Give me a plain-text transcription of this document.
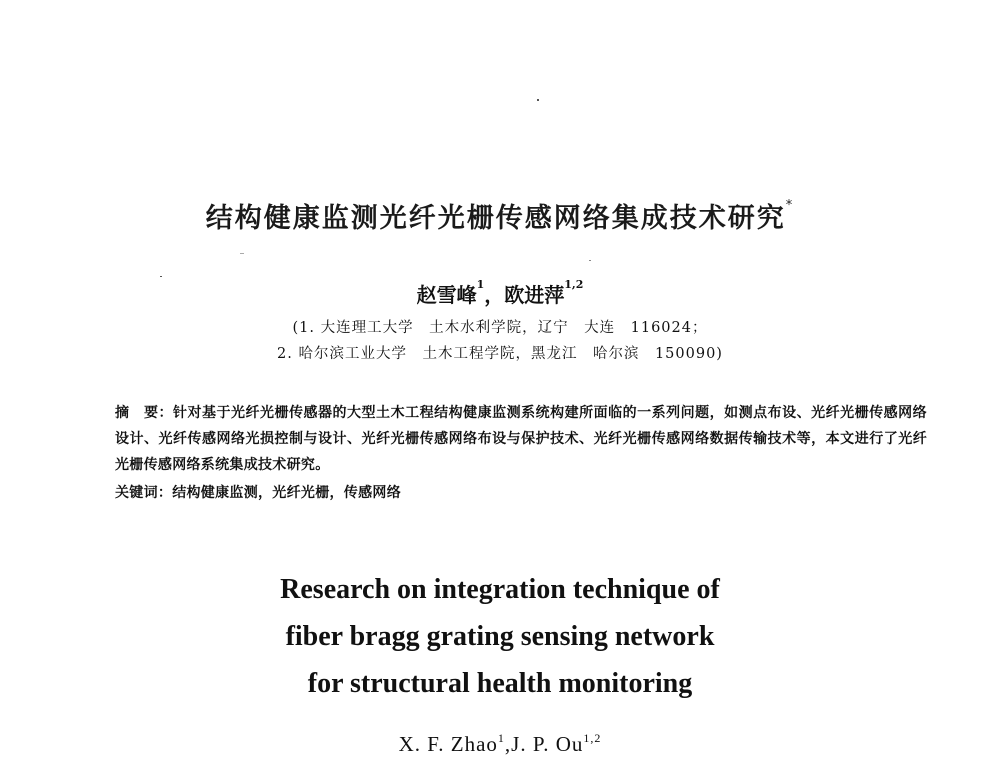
结构健康监测光纤光栅传感网络集成技术研究*
赵雪峰$^1$，欧进萍$^{1,2}$
(1. 大连理工大学　土木水利学院，辽宁　大连　116024；
2. 哈尔滨工业大学　土木工程学院，黑龙江　哈尔滨　150090)
摘　要：针对基于光纤光栅传感器的大型土木工程结构健康监测系统构建所面临的一系列问题，如测点布设、光纤光栅传感网络设计、光纤传感网络光损控制与设计、光纤光栅传感网络布设与保护技术、光纤光栅传感网络数据传输技术等，本文进行了光纤光栅传感网络系统集成技术研究。
关键词：结构健康监测，光纤光栅，传感网络
Research on integration technique of
fiber bragg grating sensing network
for structural health monitoring
X. F. Zhao$^1$,J. P. Ou$^{1,2}$
